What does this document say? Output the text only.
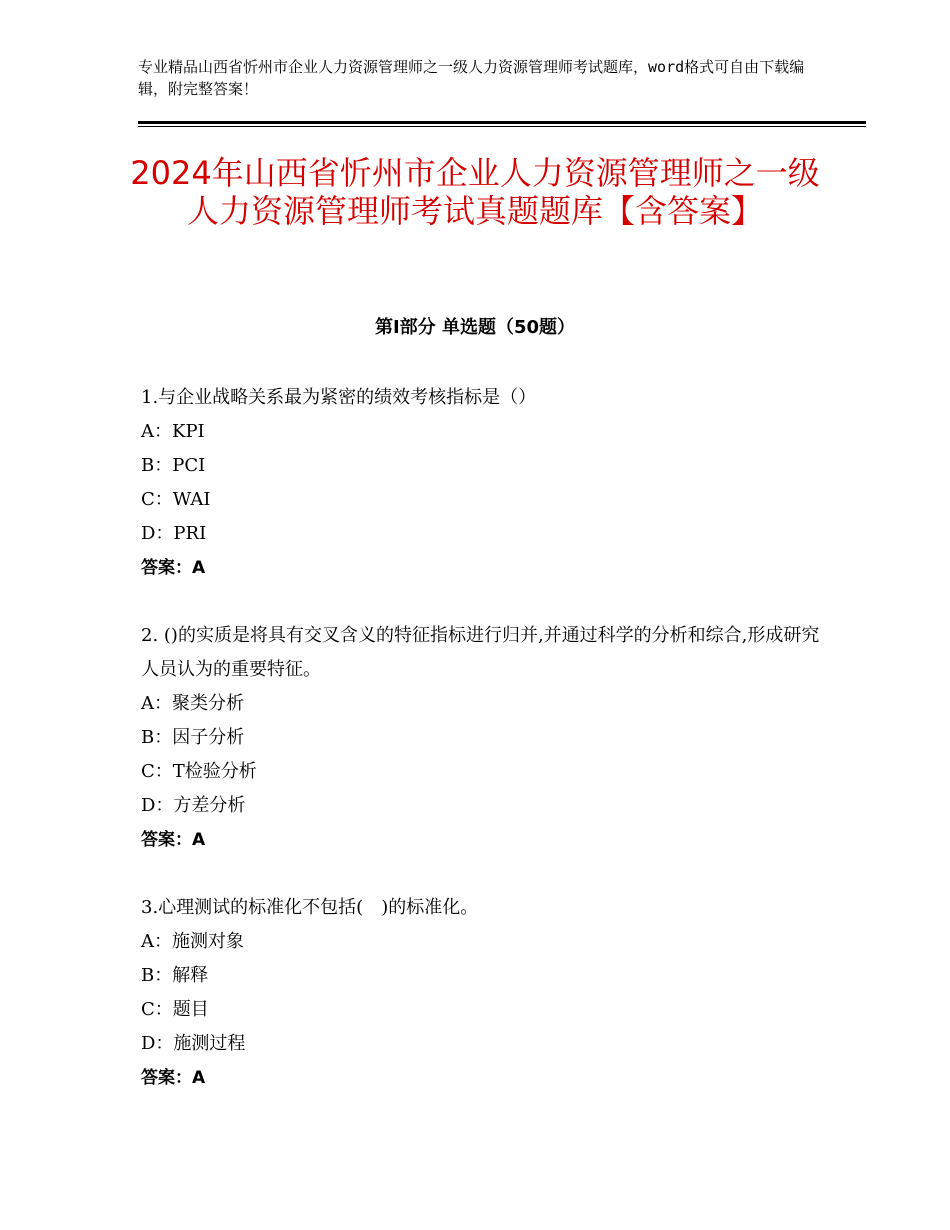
专业精品山西省忻州市企业人力资源管理师之一级人力资源管理师考试题库，word格式可自由下载编辑，附完整答案！
2024年山西省忻州市企业人力资源管理师之一级人力资源管理师考试真题题库【含答案】
第Ⅰ部分 单选题（50题）
1.与企业战略关系最为紧密的绩效考核指标是（）
A：KPI
B：PCI
C：WAI
D：PRI
答案：A
2. ()的实质是将具有交叉含义的特征指标进行归并,并通过科学的分析和综合,形成研究人员认为的重要特征。
A：聚类分析
B：因子分析
C：T检验分析
D：方差分析
答案：A
3.心理测试的标准化不包括(　)的标准化。
A：施测对象
B：解释
C：题目
D：施测过程
答案：A
